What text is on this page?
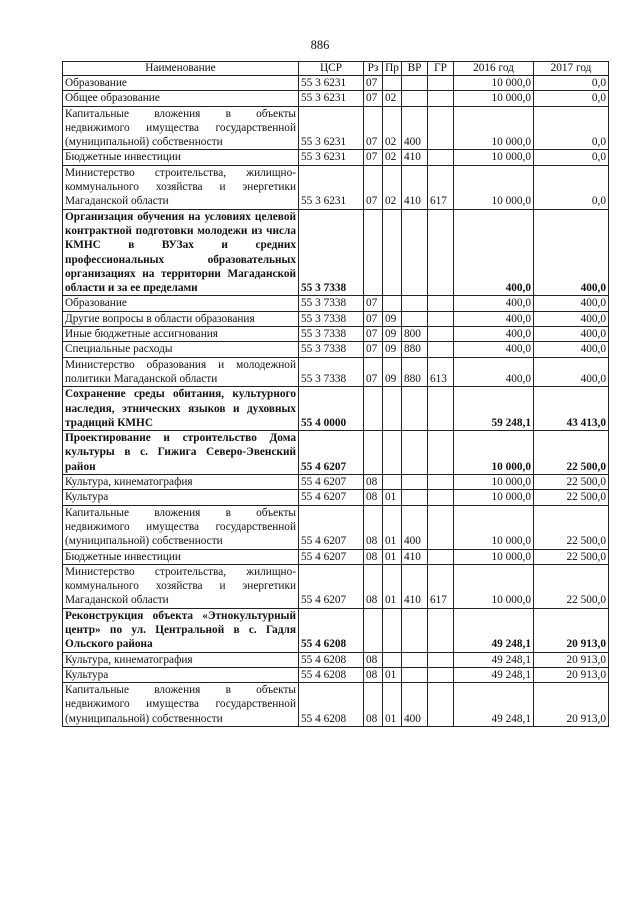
886
Наименование	ЦСР	Рз	Пр	ВР	ГР	2016 год	2017 год
Образование	55 3 6231	07				10 000,0	0,0
Общее образование	55 3 6231	07	02			10 000,0	0,0
Капитальные вложения в объекты недвижимого имущества государственной (муниципальной) собственности	55 3 6231	07	02	400		10 000,0	0,0
Бюджетные инвестиции	55 3 6231	07	02	410		10 000,0	0,0
Министерство строительства, жилищно-коммунального хозяйства и энергетики Магаданской области	55 3 6231	07	02	410	617	10 000,0	0,0
Организация обучения на условиях целевой контрактной подготовки молодежи из числа КМНС в ВУЗах и средних профессиональных образовательных организациях на территории Магаданской области и за ее пределами	55 3 7338					400,0	400,0
Образование	55 3 7338	07				400,0	400,0
Другие вопросы в области образования	55 3 7338	07	09			400,0	400,0
Иные бюджетные ассигнования	55 3 7338	07	09	800		400,0	400,0
Специальные расходы	55 3 7338	07	09	880		400,0	400,0
Министерство образования и молодежной политики Магаданской области	55 3 7338	07	09	880	613	400,0	400,0
Сохранение среды обитания, культурного наследия, этнических языков и духовных традиций КМНС	55 4 0000					59 248,1	43 413,0
Проектирование и строительство Дома культуры в с. Гижига Северо-Эвенский район	55 4 6207					10 000,0	22 500,0
Культура, кинематография	55 4 6207	08				10 000,0	22 500,0
Культура	55 4 6207	08	01			10 000,0	22 500,0
Капитальные вложения в объекты недвижимого имущества государственной (муниципальной) собственности	55 4 6207	08	01	400		10 000,0	22 500,0
Бюджетные инвестиции	55 4 6207	08	01	410		10 000,0	22 500,0
Министерство строительства, жилищно-коммунального хозяйства и энергетики Магаданской области	55 4 6207	08	01	410	617	10 000,0	22 500,0
Реконструкция объекта «Этнокультурный центр» по ул. Центральной в с. Гадля Ольского района	55 4 6208					49 248,1	20 913,0
Культура, кинематография	55 4 6208	08				49 248,1	20 913,0
Культура	55 4 6208	08	01			49 248,1	20 913,0
Капитальные вложения в объекты недвижимого имущества государственной (муниципальной) собственности	55 4 6208	08	01	400		49 248,1	20 913,0
